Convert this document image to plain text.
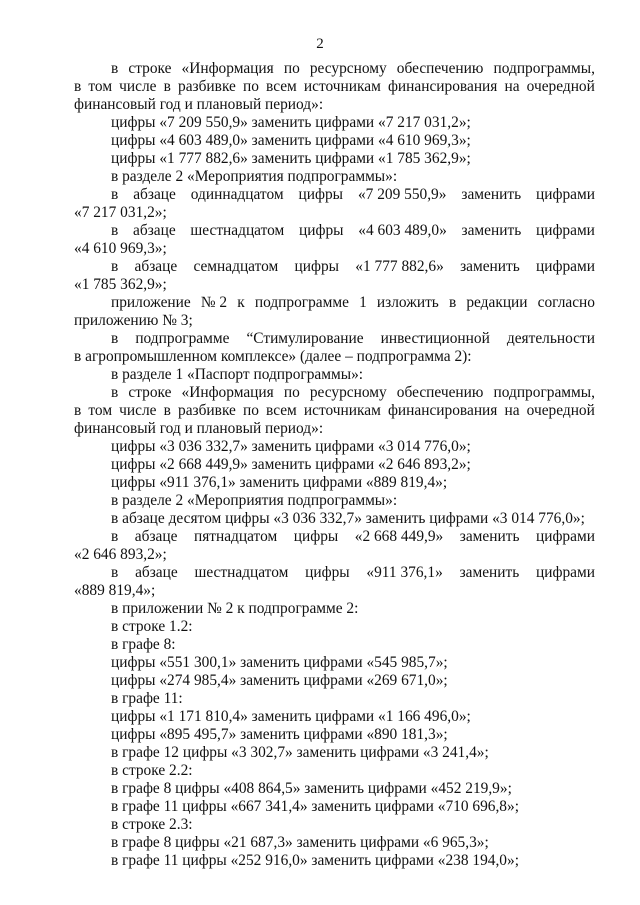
2
в строке «Информация по ресурсному обеспечению подпрограммы,
в том числе в разбивке по всем источникам финансирования на очередной
финансовый год и плановый период»:
цифры «7 209 550,9» заменить цифрами «7 217 031,2»;
цифры «4 603 489,0» заменить цифрами «4 610 969,3»;
цифры «1 777 882,6» заменить цифрами «1 785 362,9»;
в разделе 2 «Мероприятия подпрограммы»:
в абзаце одиннадцатом цифры «7 209 550,9» заменить цифрами
«7 217 031,2»;
в абзаце шестнадцатом цифры «4 603 489,0» заменить цифрами
«4 610 969,3»;
в абзаце семнадцатом цифры «1 777 882,6» заменить цифрами
«1 785 362,9»;
приложение № 2 к подпрограмме 1 изложить в редакции согласно
приложению № 3;
в подпрограмме “Стимулирование инвестиционной деятельности
в агропромышленном комплексе» (далее – подпрограмма 2):
в разделе 1 «Паспорт подпрограммы»:
в строке «Информация по ресурсному обеспечению подпрограммы,
в том числе в разбивке по всем источникам финансирования на очередной
финансовый год и плановый период»:
цифры «3 036 332,7» заменить цифрами «3 014 776,0»;
цифры «2 668 449,9» заменить цифрами «2 646 893,2»;
цифры «911 376,1» заменить цифрами «889 819,4»;
в разделе 2 «Мероприятия подпрограммы»:
в абзаце десятом цифры «3 036 332,7» заменить цифрами «3 014 776,0»;
в абзаце пятнадцатом цифры «2 668 449,9» заменить цифрами
«2 646 893,2»;
в абзаце шестнадцатом цифры «911 376,1» заменить цифрами
«889 819,4»;
в приложении № 2 к подпрограмме 2:
в строке 1.2:
в графе 8:
цифры «551 300,1» заменить цифрами «545 985,7»;
цифры «274 985,4» заменить цифрами «269 671,0»;
в графе 11:
цифры «1 171 810,4» заменить цифрами «1 166 496,0»;
цифры «895 495,7» заменить цифрами «890 181,3»;
в графе 12 цифры «3 302,7» заменить цифрами «3 241,4»;
в строке 2.2:
в графе 8 цифры «408 864,5» заменить цифрами «452 219,9»;
в графе 11 цифры «667 341,4» заменить цифрами «710 696,8»;
в строке 2.3:
в графе 8 цифры «21 687,3» заменить цифрами «6 965,3»;
в графе 11 цифры «252 916,0» заменить цифрами «238 194,0»;
